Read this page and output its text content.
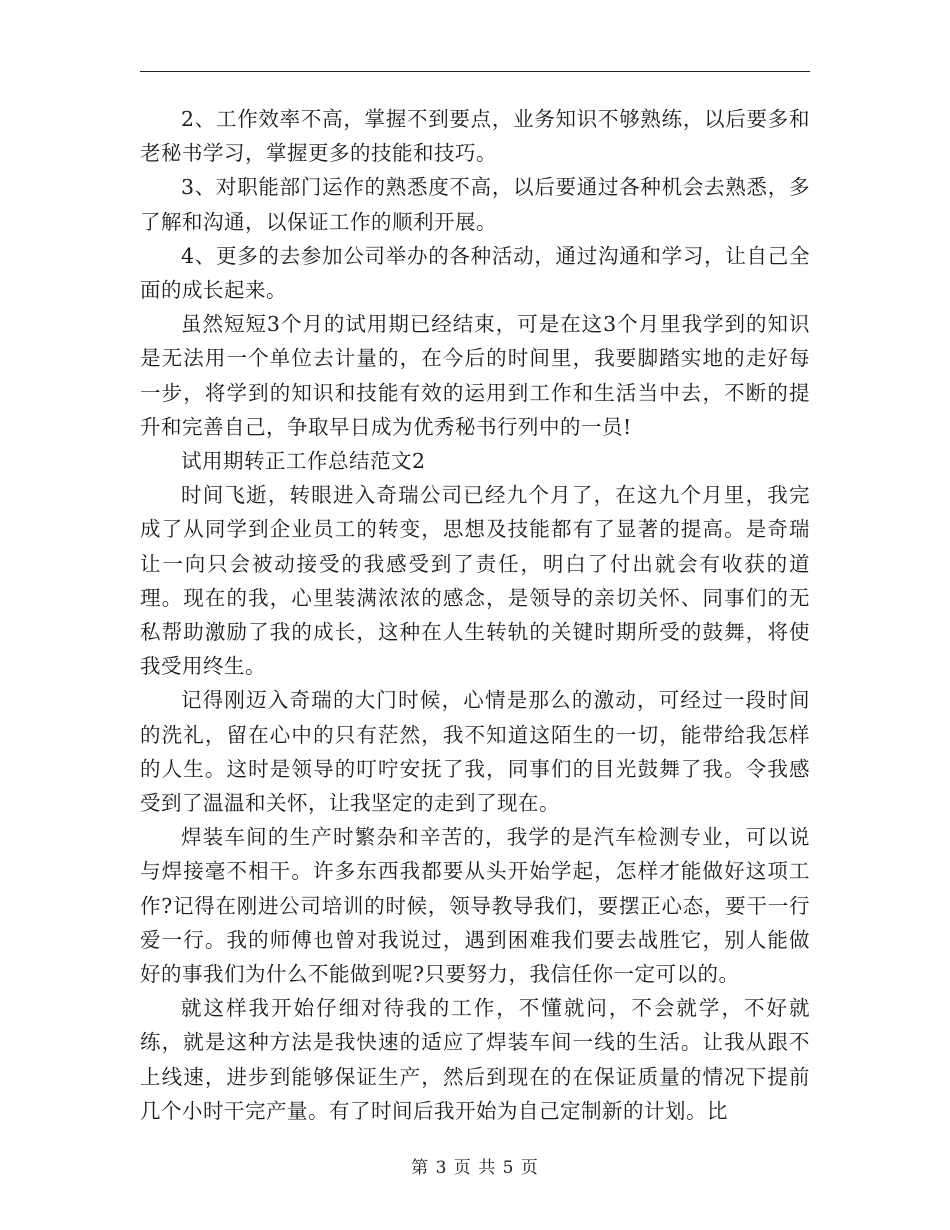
2、工作效率不高，掌握不到要点，业务知识不够熟练，以后要多和老秘书学习，掌握更多的技能和技巧。

3、对职能部门运作的熟悉度不高，以后要通过各种机会去熟悉，多了解和沟通，以保证工作的顺利开展。

4、更多的去参加公司举办的各种活动，通过沟通和学习，让自己全面的成长起来。

虽然短短3个月的试用期已经结束，可是在这3个月里我学到的知识是无法用一个单位去计量的，在今后的时间里，我要脚踏实地的走好每一步，将学到的知识和技能有效的运用到工作和生活当中去，不断的提升和完善自己，争取早日成为优秀秘书行列中的一员!

试用期转正工作总结范文2

时间飞逝，转眼进入奇瑞公司已经九个月了，在这九个月里，我完成了从同学到企业员工的转变，思想及技能都有了显著的提高。是奇瑞让一向只会被动接受的我感受到了责任，明白了付出就会有收获的道理。现在的我，心里装满浓浓的感念，是领导的亲切关怀、同事们的无私帮助激励了我的成长，这种在人生转轨的关键时期所受的鼓舞，将使我受用终生。

记得刚迈入奇瑞的大门时候，心情是那么的激动，可经过一段时间的洗礼，留在心中的只有茫然，我不知道这陌生的一切，能带给我怎样的人生。这时是领导的叮咛安抚了我，同事们的目光鼓舞了我。令我感受到了温温和关怀，让我坚定的走到了现在。

焊装车间的生产时繁杂和辛苦的，我学的是汽车检测专业，可以说与焊接毫不相干。许多东西我都要从头开始学起，怎样才能做好这项工作?记得在刚进公司培训的时候，领导教导我们，要摆正心态，要干一行爱一行。我的师傅也曾对我说过，遇到困难我们要去战胜它，别人能做好的事我们为什么不能做到呢?只要努力，我信任你一定可以的。

就这样我开始仔细对待我的工作，不懂就问，不会就学，不好就练，就是这种方法是我快速的适应了焊装车间一线的生活。让我从跟不上线速，进步到能够保证生产，然后到现在的在保证质量的情况下提前几个小时干完产量。有了时间后我开始为自己定制新的计划。比

第 3 页 共 5 页
